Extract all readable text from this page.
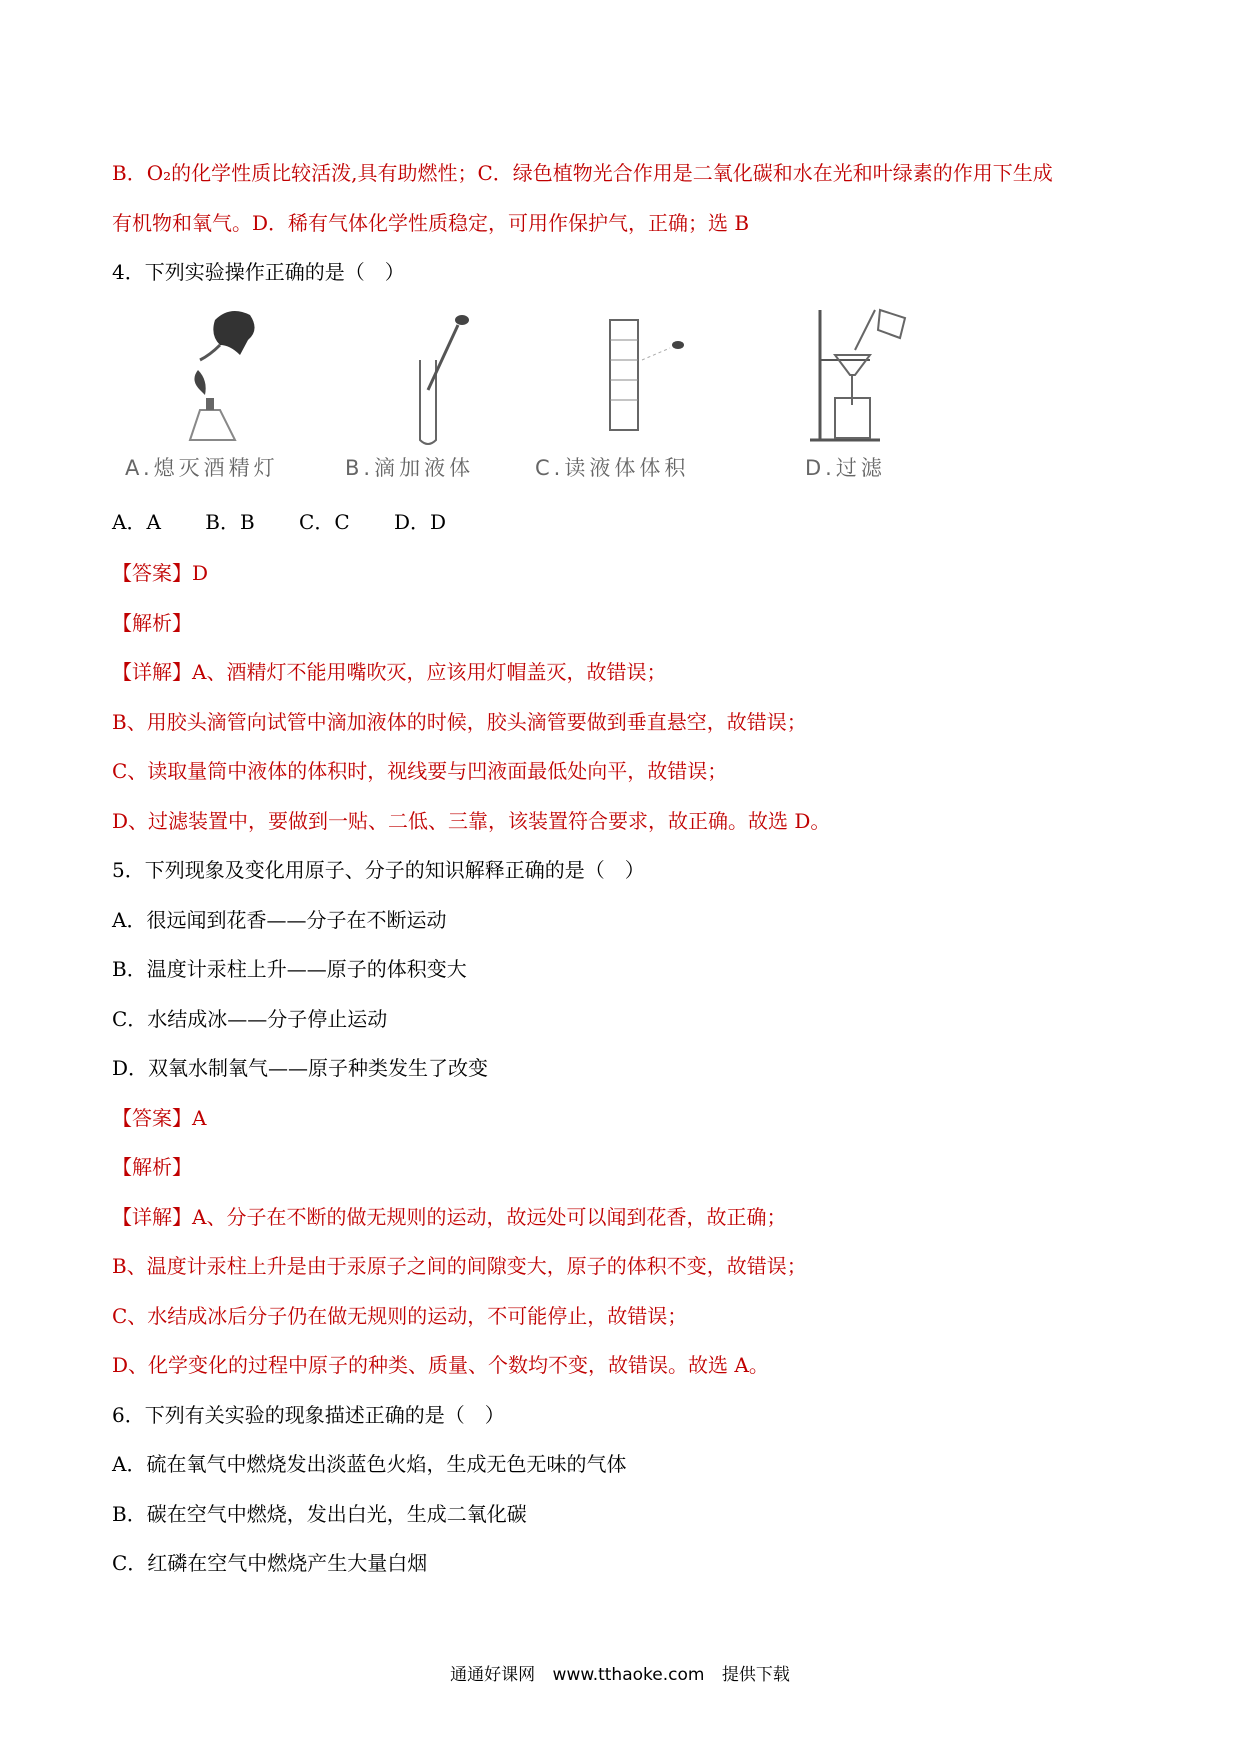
B．O₂的化学性质比较活泼,具有助燃性；C．绿色植物光合作用是二氧化碳和水在光和叶绿素的作用下生成
有机物和氧气。D．稀有气体化学性质稳定，可用作保护气，正确；选 B
4．下列实验操作正确的是（　）
【答案】D
【解析】
【详解】A、酒精灯不能用嘴吹灭，应该用灯帽盖灭，故错误；
B、用胶头滴管向试管中滴加液体的时候，胶头滴管要做到垂直悬空，故错误；
C、读取量筒中液体的体积时，视线要与凹液面最低处向平，故错误；
D、过滤装置中，要做到一贴、二低、三靠，该装置符合要求，故正确。故选 D。
5．下列现象及变化用原子、分子的知识解释正确的是（　）
A．很远闻到花香——分子在不断运动
B．温度计汞柱上升——原子的体积变大
C．水结成冰——分子停止运动
D．双氧水制氧气——原子种类发生了改变
【答案】A
【解析】
【详解】A、分子在不断的做无规则的运动，故远处可以闻到花香，故正确；
B、温度计汞柱上升是由于汞原子之间的间隙变大，原子的体积不变，故错误；
C、水结成冰后分子仍在做无规则的运动，不可能停止，故错误；
D、化学变化的过程中原子的种类、质量、个数均不变，故错误。故选 A。
6．下列有关实验的现象描述正确的是（　）
A．硫在氧气中燃烧发出淡蓝色火焰，生成无色无味的气体
B．碳在空气中燃烧，发出白光，生成二氧化碳
C．红磷在空气中燃烧产生大量白烟
A.熄灭酒精灯	B.滴加液体	C.读液体体积	D.过滤
A．A B．B C．C D．D
通通好课网 www.tthaoke.com 提供下载
